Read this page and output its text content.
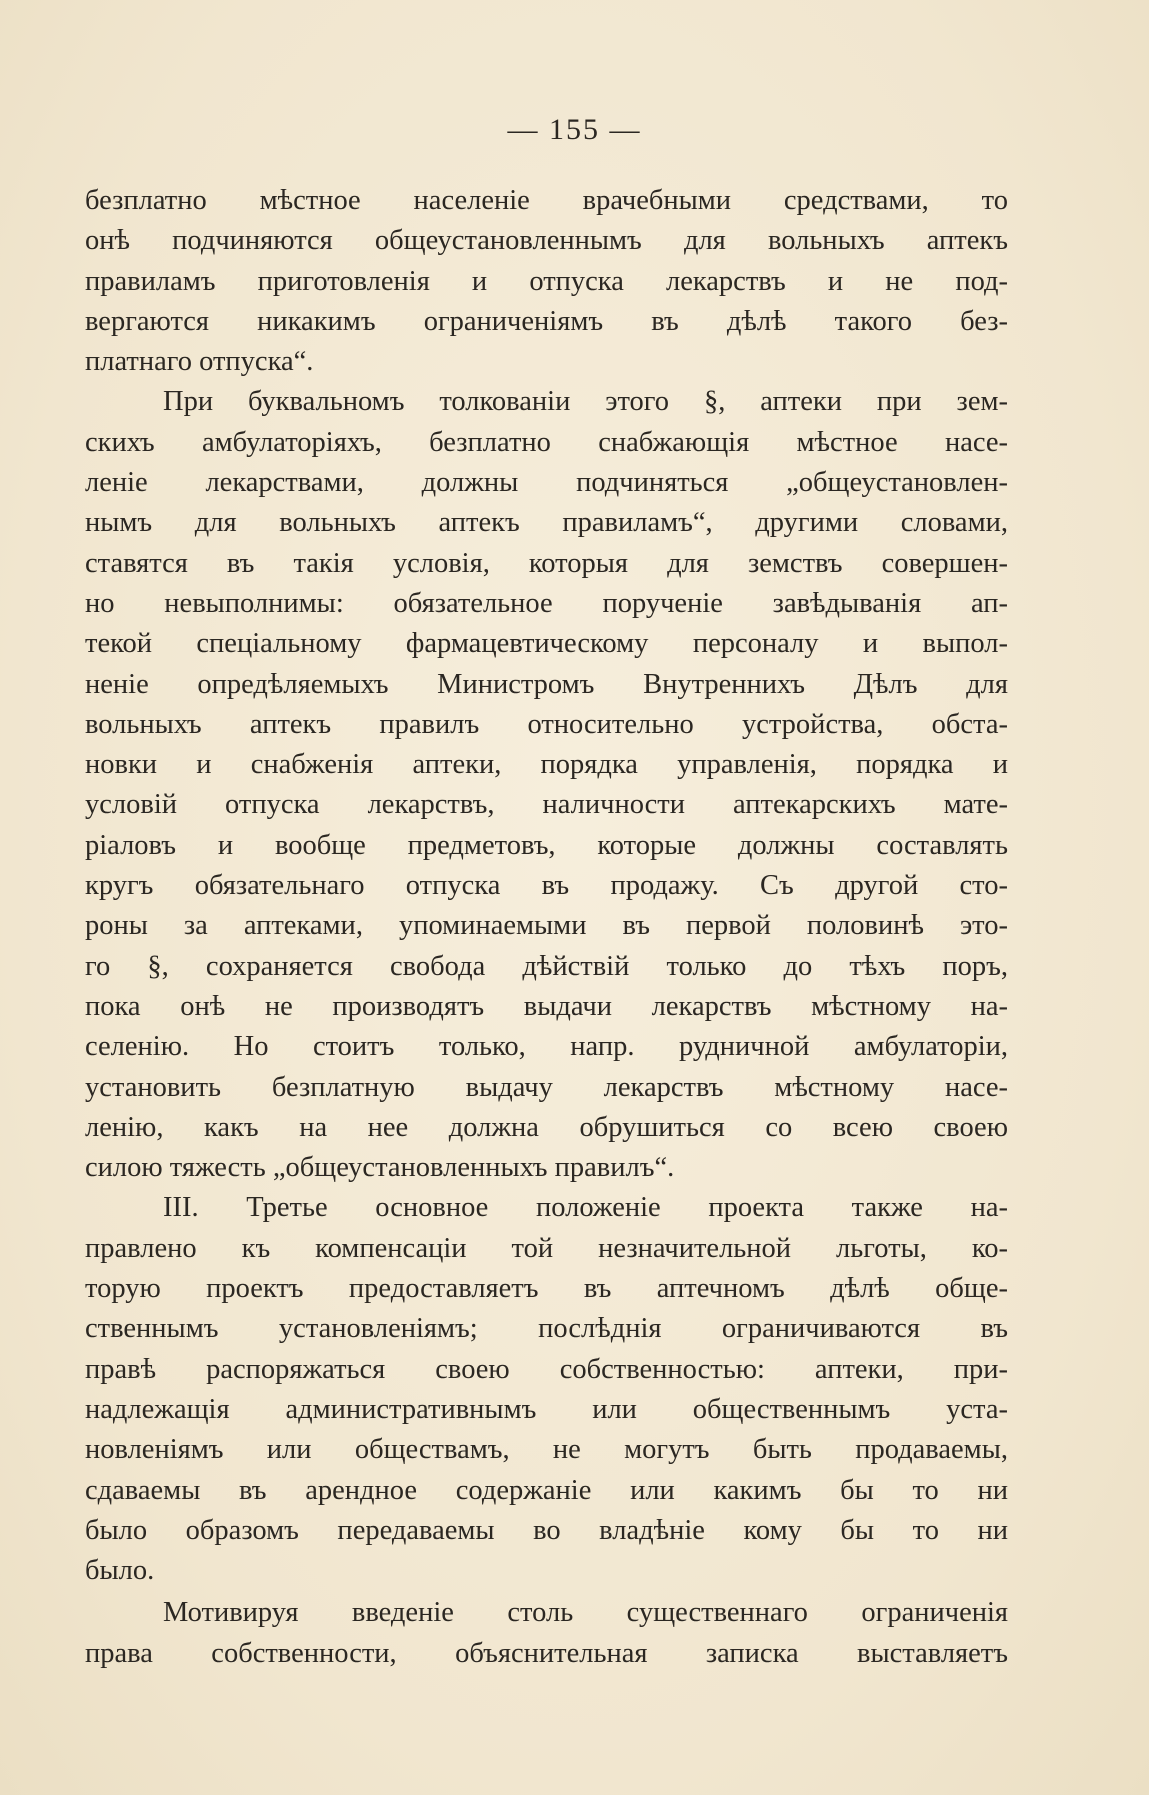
— 155 —
безплатно мѣстное населеніе врачебными средствами, то
онѣ подчиняются общеустановленнымъ для вольныхъ аптекъ
правиламъ приготовленія и отпуска лекарствъ и не под-
вергаются никакимъ ограниченіямъ въ дѣлѣ такого без-
платнаго отпуска“.
При буквальномъ толкованіи этого §, аптеки при зем-
скихъ амбулаторіяхъ, безплатно снабжающія мѣстное насе-
леніе лекарствами, должны подчиняться „общеустановлен-
нымъ для вольныхъ аптекъ правиламъ“, другими словами,
ставятся въ такія условія, которыя для земствъ совершен-
но невыполнимы: обязательное порученіе завѣдыванія ап-
текой спеціальному фармацевтическому персоналу и выпол-
неніе опредѣляемыхъ Министромъ Внутреннихъ Дѣлъ для
вольныхъ аптекъ правилъ относительно устройства, обста-
новки и снабженія аптеки, порядка управленія, порядка и
условій отпуска лекарствъ, наличности аптекарскихъ мате-
ріаловъ и вообще предметовъ, которые должны составлять
кругъ обязательнаго отпуска въ продажу. Съ другой сто-
роны за аптеками, упоминаемыми въ первой половинѣ это-
го §, сохраняется свобода дѣйствій только до тѣхъ поръ,
пока онѣ не производятъ выдачи лекарствъ мѣстному на-
селенію. Но стоитъ только, напр. рудничной амбулаторіи,
установить безплатную выдачу лекарствъ мѣстному насе-
ленію, какъ на нее должна обрушиться со всею своею
силою тяжесть „общеустановленныхъ правилъ“.
III. Третье основное положеніе проекта также на-
правлено къ компенсаціи той незначительной льготы, ко-
торую проектъ предоставляетъ въ аптечномъ дѣлѣ обще-
ственнымъ установленіямъ; послѣднія ограничиваются въ
правѣ распоряжаться своею собственностью: аптеки, при-
надлежащія административнымъ или общественнымъ уста-
новленіямъ или обществамъ, не могутъ быть продаваемы,
сдаваемы въ арендное содержаніе или какимъ бы то ни
было образомъ передаваемы во владѣніе кому бы то ни
было.
Мотивируя введеніе столь существеннаго ограниченія
права собственности, объяснительная записка выставляетъ
